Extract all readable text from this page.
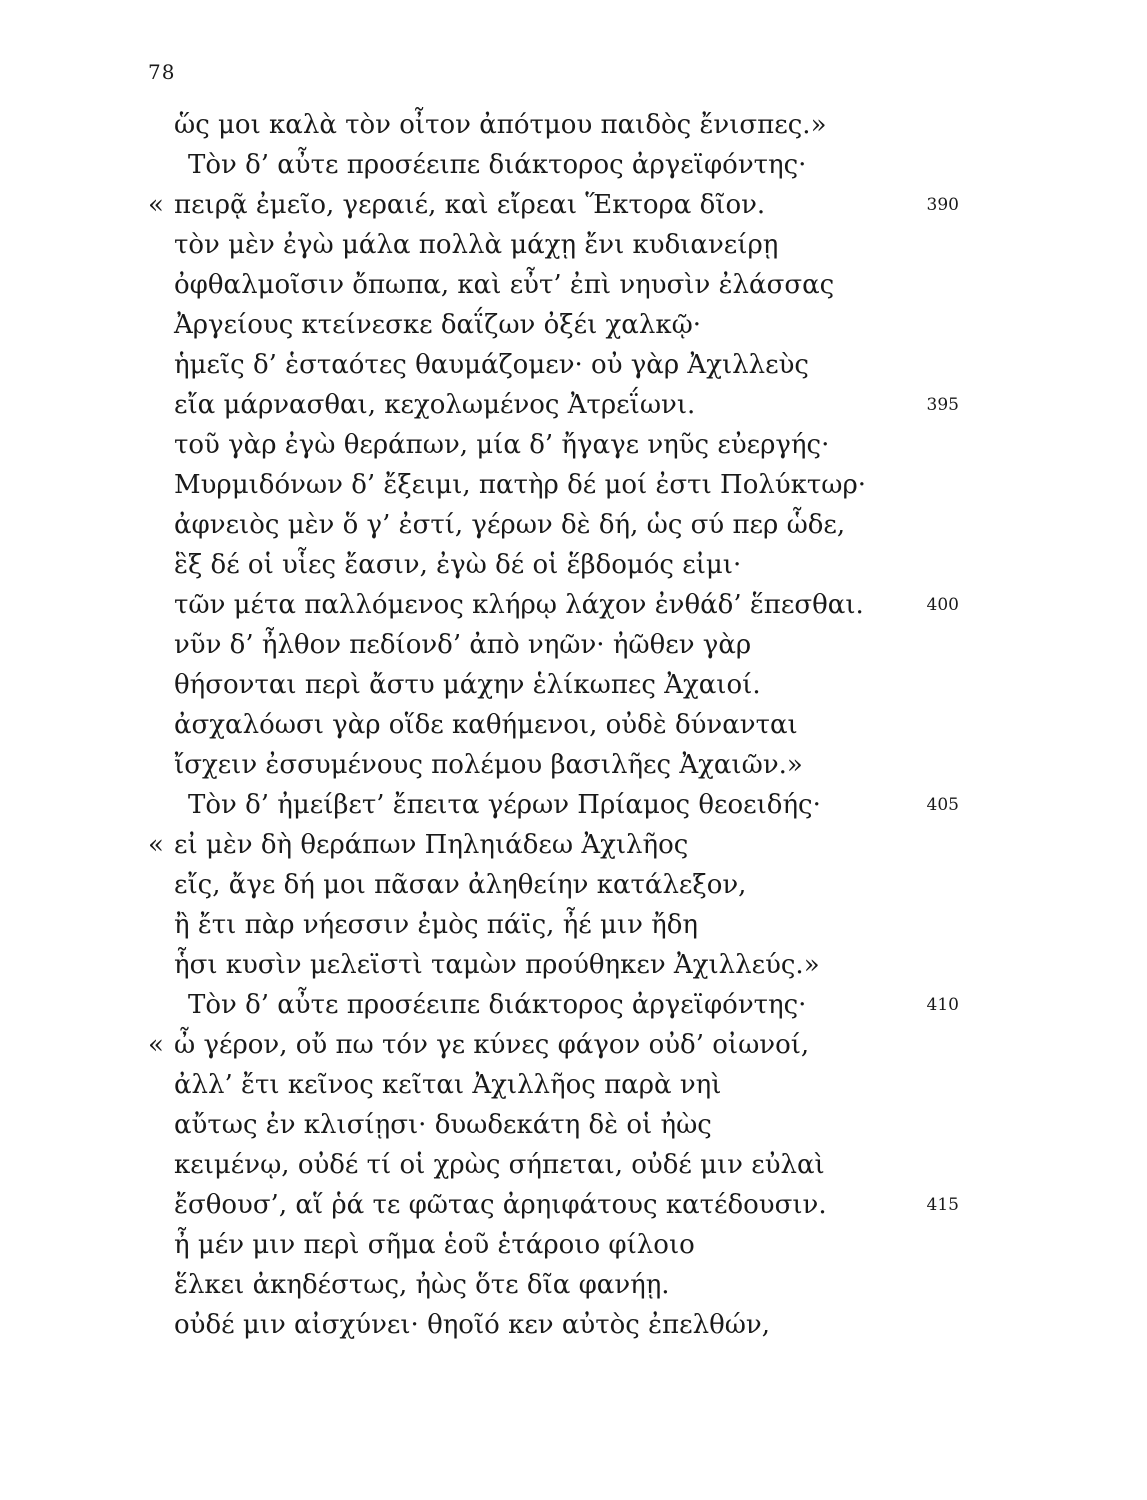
78
ὥς μοι καλὰ τὸν οἶτον ἀπότμου παιδὸς ἔνισπες.»
Τὸν δ’ αὖτε προσέειπε διάκτορος ἀργεϊφόντης·
« πειρᾷ ἐμεῖο, γεραιέ, καὶ εἴρεαι Ἕκτορα δῖον.	390
τὸν μὲν ἐγὼ μάλα πολλὰ μάχῃ ἔνι κυδιανείρῃ
ὀφθαλμοῖσιν ὄπωπα, καὶ εὖτ’ ἐπὶ νηυσὶν ἐλάσσας
Ἀργείους κτείνεσκε δαΐζων ὀξέι χαλκῷ·
ἡμεῖς δ’ ἑσταότες θαυμάζομεν· οὐ γὰρ Ἀχιλλεὺς
εἴα μάρνασθαι, κεχολωμένος Ἀτρεΐωνι.	395
τοῦ γὰρ ἐγὼ θεράπων, μία δ’ ἤγαγε νηῦς εὐεργής·
Μυρμιδόνων δ’ ἔξειμι, πατὴρ δέ μοί ἐστι Πολύκτωρ·
ἀφνειὸς μὲν ὅ γ’ ἐστί, γέρων δὲ δή, ὡς σύ περ ὧδε,
ἓξ δέ οἱ υἷες ἔασιν, ἐγὼ δέ οἱ ἕβδομός εἰμι·
τῶν μέτα παλλόμενος κλήρῳ λάχον ἐνθάδ’ ἕπεσθαι.	400
νῦν δ’ ἦλθον πεδίονδ’ ἀπὸ νηῶν· ἠῶθεν γὰρ
θήσονται περὶ ἄστυ μάχην ἑλίκωπες Ἀχαιοί.
ἀσχαλόωσι γὰρ οἵδε καθήμενοι, οὐδὲ δύνανται
ἴσχειν ἐσσυμένους πολέμου βασιλῆες Ἀχαιῶν.»
Τὸν δ’ ἠμείβετ’ ἔπειτα γέρων Πρίαμος θεοειδής·	405
« εἰ μὲν δὴ θεράπων Πηληιάδεω Ἀχιλῆος
εἴς, ἄγε δή μοι πᾶσαν ἀληθείην κατάλεξον,
ἢ ἔτι πὰρ νήεσσιν ἐμὸς πάϊς, ἦέ μιν ἤδη
ἧσι κυσὶν μελεϊστὶ ταμὼν προύθηκεν Ἀχιλλεύς.»
Τὸν δ’ αὖτε προσέειπε διάκτορος ἀργεϊφόντης·	410
« ὦ γέρον, οὔ πω τόν γε κύνες φάγον οὐδ’ οἰωνοί,
ἀλλ’ ἔτι κεῖνος κεῖται Ἀχιλλῆος παρὰ νηὶ
αὔτως ἐν κλισίῃσι· δυωδεκάτη δὲ οἱ ἠὼς
κειμένῳ, οὐδέ τί οἱ χρὼς σήπεται, οὐδέ μιν εὐλαὶ
ἔσθουσ’, αἵ ῥά τε φῶτας ἀρηιφάτους κατέδουσιν.	415
ἦ μέν μιν περὶ σῆμα ἑοῦ ἑτάροιο φίλοιο
ἕλκει ἀκηδέστως, ἠὼς ὅτε δῖα φανήῃ.
οὐδέ μιν αἰσχύνει· θηοῖό κεν αὐτὸς ἐπελθών,
